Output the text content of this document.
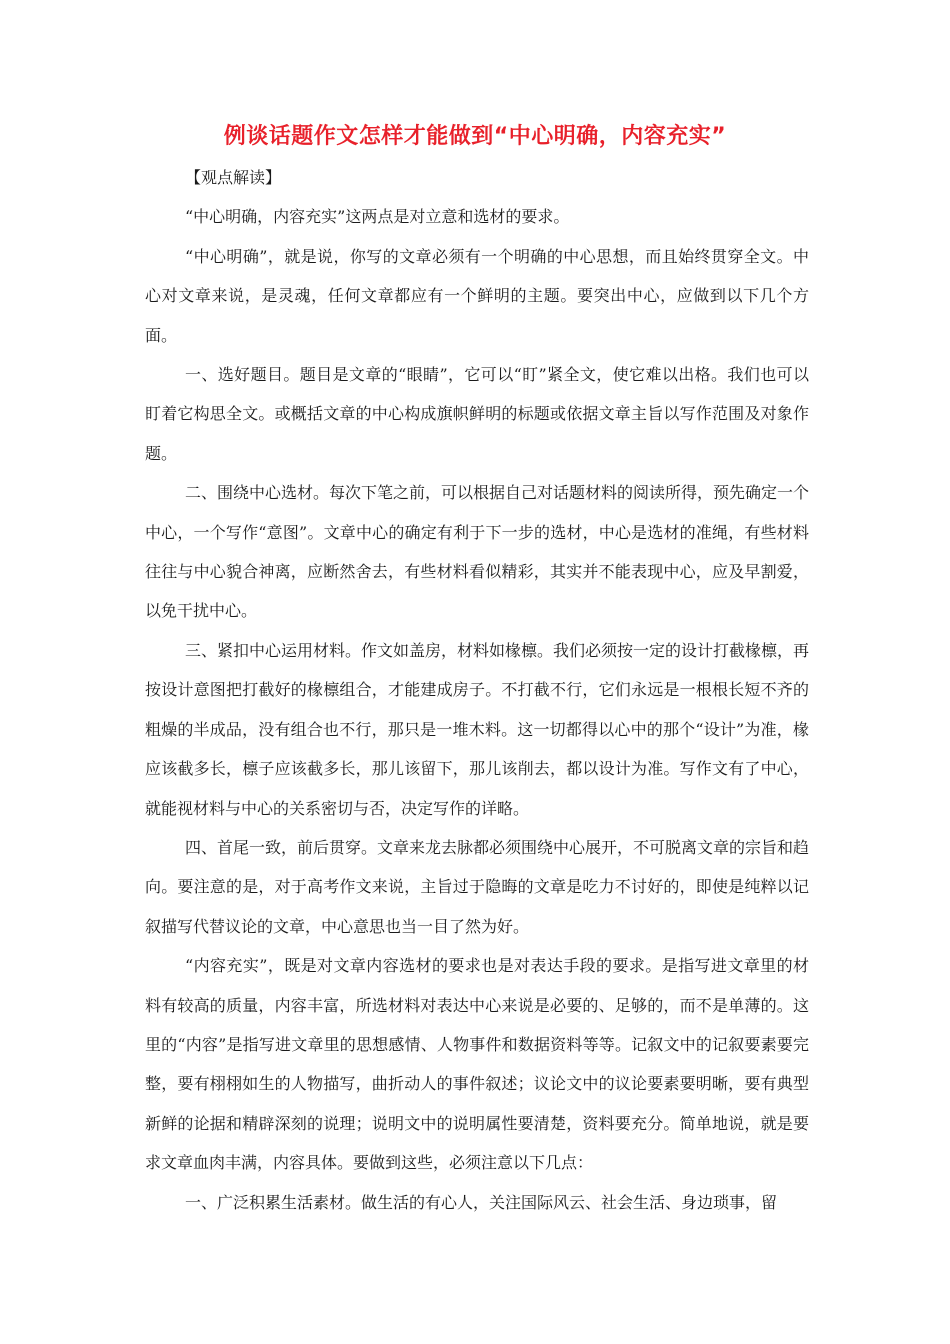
例谈话题作文怎样才能做到“中心明确，内容充实”

【观点解读】

“中心明确，内容充实”这两点是对立意和选材的要求。

“中心明确”，就是说，你写的文章必须有一个明确的中心思想，而且始终贯穿全文。中心对文章来说，是灵魂，任何文章都应有一个鲜明的主题。要突出中心，应做到以下几个方面。

一、选好题目。题目是文章的“眼睛”，它可以“盯”紧全文，使它难以出格。我们也可以盯着它构思全文。或概括文章的中心构成旗帜鲜明的标题或依据文章主旨以写作范围及对象作题。

二、围绕中心选材。每次下笔之前，可以根据自己对话题材料的阅读所得，预先确定一个中心，一个写作“意图”。文章中心的确定有利于下一步的选材，中心是选材的准绳，有些材料往往与中心貌合神离，应断然舍去，有些材料看似精彩，其实并不能表现中心，应及早割爱，以免干扰中心。

三、紧扣中心运用材料。作文如盖房，材料如椽檩。我们必须按一定的设计打截椽檩，再按设计意图把打截好的椽檩组合，才能建成房子。不打截不行，它们永远是一根根长短不齐的粗燥的半成品，没有组合也不行，那只是一堆木料。这一切都得以心中的那个“设计”为准，椽应该截多长，檩子应该截多长，那儿该留下，那儿该削去，都以设计为准。写作文有了中心，就能视材料与中心的关系密切与否，决定写作的详略。

四、首尾一致，前后贯穿。文章来龙去脉都必须围绕中心展开，不可脱离文章的宗旨和趋向。要注意的是，对于高考作文来说，主旨过于隐晦的文章是吃力不讨好的，即使是纯粹以记叙描写代替议论的文章，中心意思也当一目了然为好。

“内容充实”，既是对文章内容选材的要求也是对表达手段的要求。是指写进文章里的材料有较高的质量，内容丰富，所选材料对表达中心来说是必要的、足够的，而不是单薄的。这里的“内容”是指写进文章里的思想感情、人物事件和数据资料等等。记叙文中的记叙要素要完整，要有栩栩如生的人物描写，曲折动人的事件叙述；议论文中的议论要素要明晰，要有典型新鲜的论据和精辟深刻的说理；说明文中的说明属性要清楚，资料要充分。简单地说，就是要求文章血肉丰满，内容具体。要做到这些，必须注意以下几点：

一、广泛积累生活素材。做生活的有心人，关注国际风云、社会生活、身边琐事，留
